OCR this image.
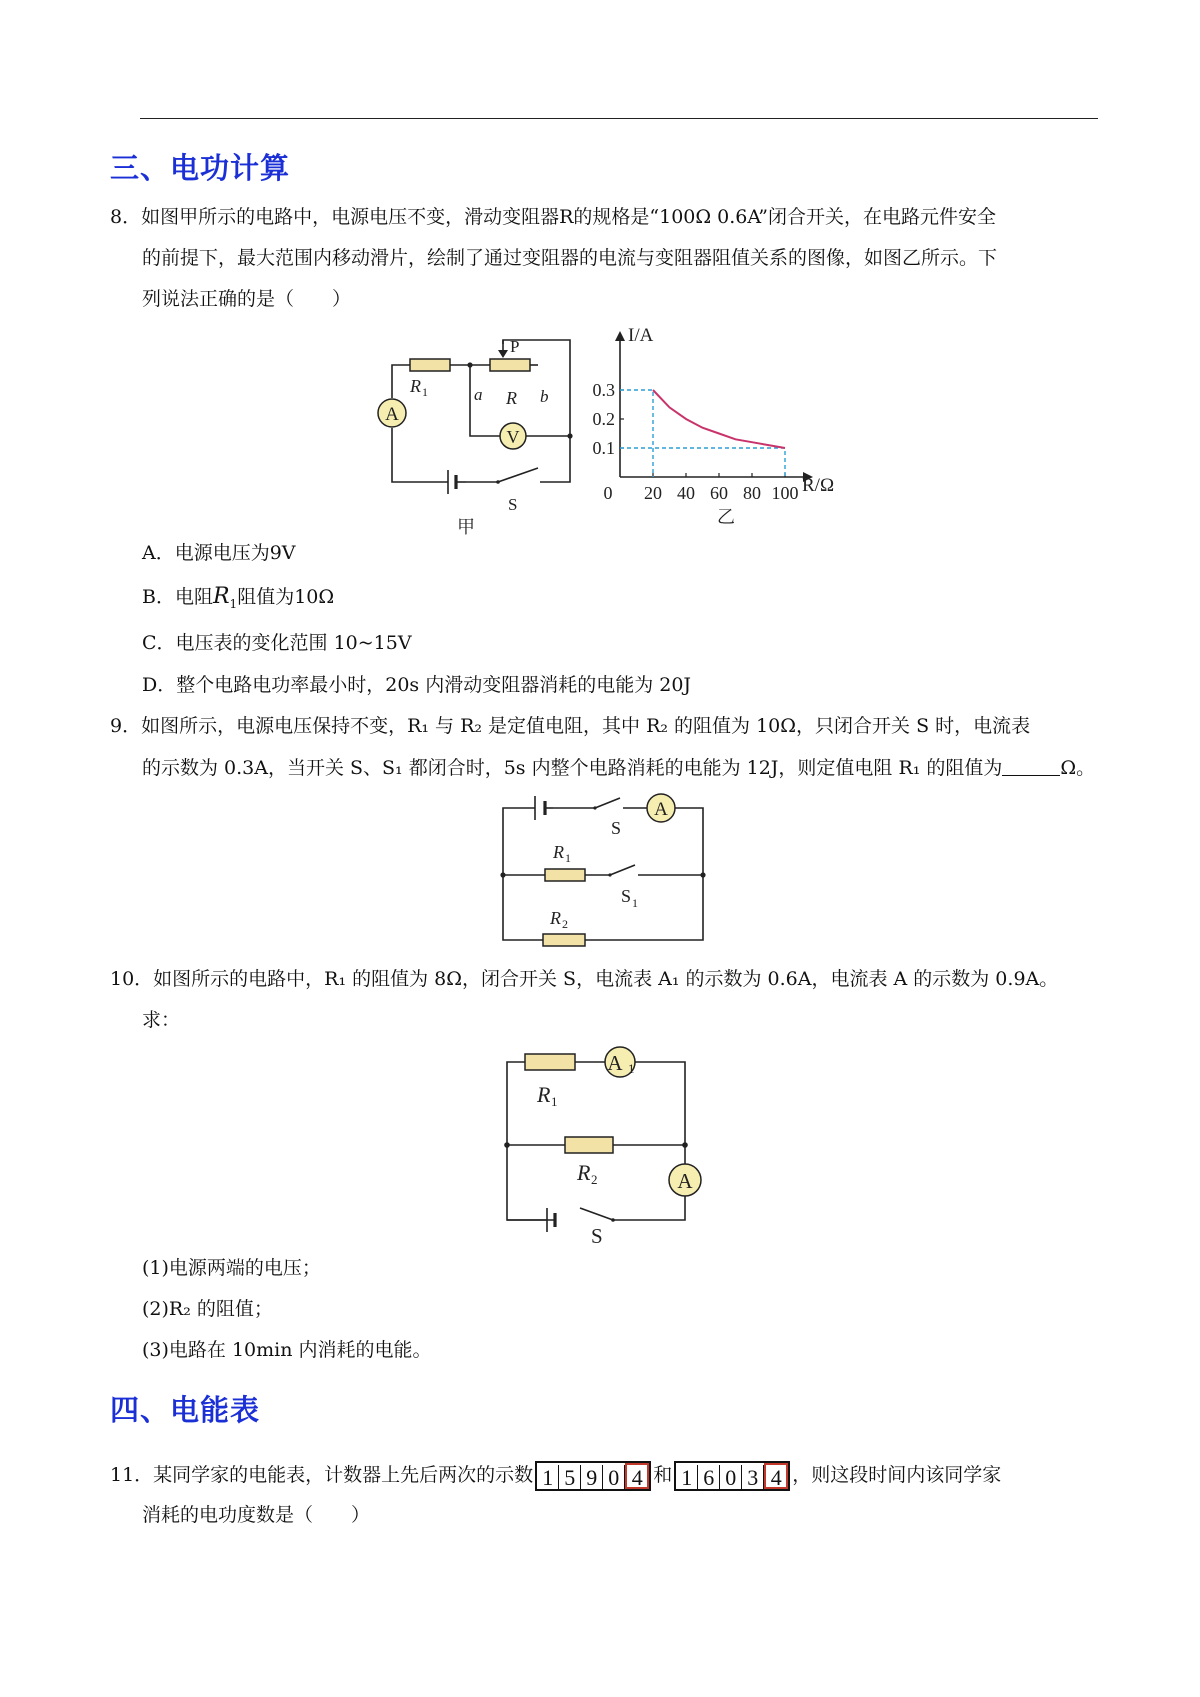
三、电功计算
8．如图甲所示的电路中，电源电压不变，滑动变阻器R的规格是“100Ω 0.6A”闭合开关，在电路元件安全
的前提下，最大范围内移动滑片，绘制了通过变阻器的电流与变阻器阻值关系的图像，如图乙所示。下
列说法正确的是（　　）
A
V
R 1	a R b
P
S
甲
0 20 40 60 80 100
0.1
0.2
0.3
I/A
R/Ω
乙
A．电源电压为9V
B．电阻$R_1$阻值为10Ω
C．电压表的变化范围 10~15V
D．整个电路电功率最小时，20s 内滑动变阻器消耗的电能为 20J
9．如图所示，电源电压保持不变，R₁ 与 R₂ 是定值电阻，其中 R₂ 的阻值为 10Ω，只闭合开关 S 时，电流表
的示数为 0.3A，当开关 S、S₁ 都闭合时，5s 内整个电路消耗的电能为 12J，则定值电阻 R₁ 的阻值为	Ω。
A
S
R 1
S 1
R 2
10．如图所示的电路中，R₁ 的阻值为 8Ω，闭合开关 S，电流表 A₁ 的示数为 0.6A，电流表 A 的示数为 0.9A。
求：
A 1
A
R 1
R 2
S
(1)电源两端的电压；
(2)R₂ 的阻值；
(3)电路在 10min 内消耗的电能。
四、电能表
11．某同学家的电能表，计数器上先后两次的示数 1 5 9 0 4 和 1 6 0 3 4 ，则这段时间内该同学家
消耗的电功度数是（　　）
